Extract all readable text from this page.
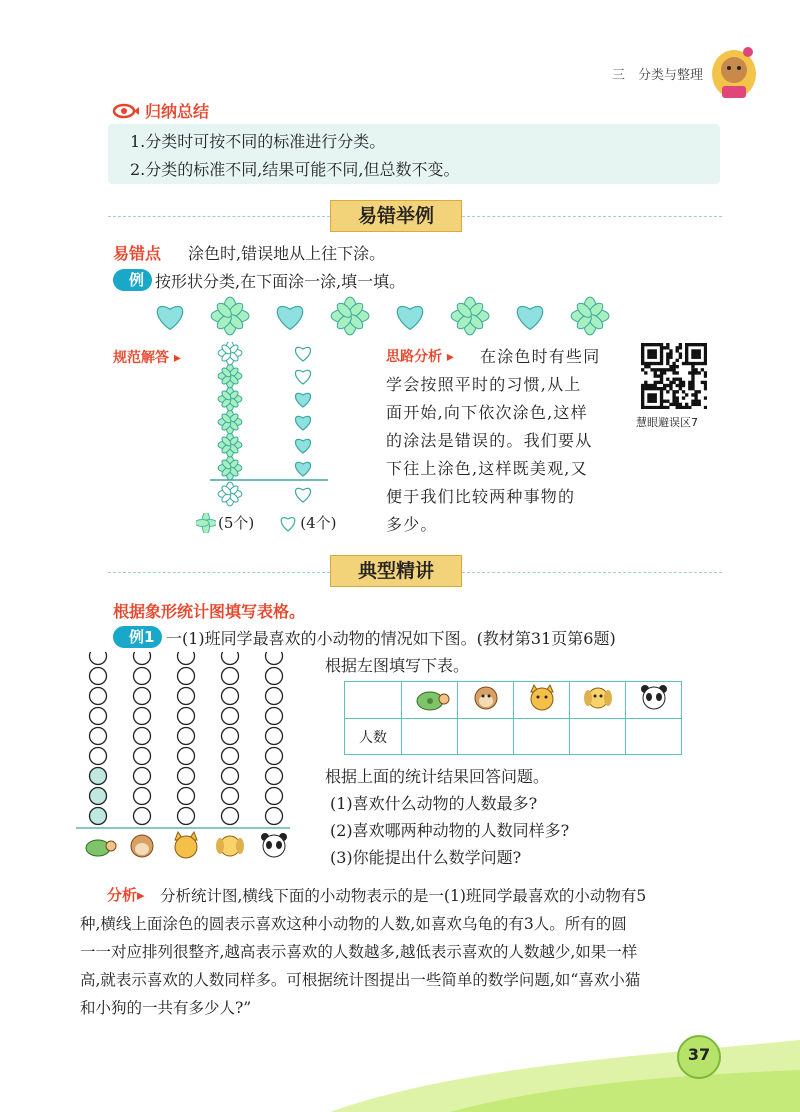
三　分类与整理
归纳总结
1.分类时可按不同的标准进行分类。
2.分类的标准不同,结果可能不同,但总数不变。
易错举例
易错点 涂色时,错误地从上往下涂。
例 按形状分类,在下面涂一涂,填一填。
规范解答 ▸
(5个)	(4个)
思路分析 ▸ 在涂色时有些同
学会按照平时的习惯,从上
面开始,向下依次涂色,这样
的涂法是错误的。我们要从
下往上涂色,这样既美观,又
便于我们比较两种事物的
多少。
慧眼避误区7
典型精讲
根据象形统计图填写表格。
例1 一(1)班同学最喜欢的小动物的情况如下图。(教材第31页第6题)
根据左图填写下表。

人数					
根据上面的统计结果回答问题。
(1)喜欢什么动物的人数最多?
(2)喜欢哪两种动物的人数同样多?
(3)你能提出什么数学问题?
分析▸ 分析统计图,横线下面的小动物表示的是一(1)班同学最喜欢的小动物有5
种,横线上面涂色的圆表示喜欢这种小动物的人数,如喜欢乌龟的有3人。所有的圆
一一对应排列很整齐,越高表示喜欢的人数越多,越低表示喜欢的人数越少,如果一样
高,就表示喜欢的人数同样多。可根据统计图提出一些简单的数学问题,如“喜欢小猫
和小狗的一共有多少人?”
37
